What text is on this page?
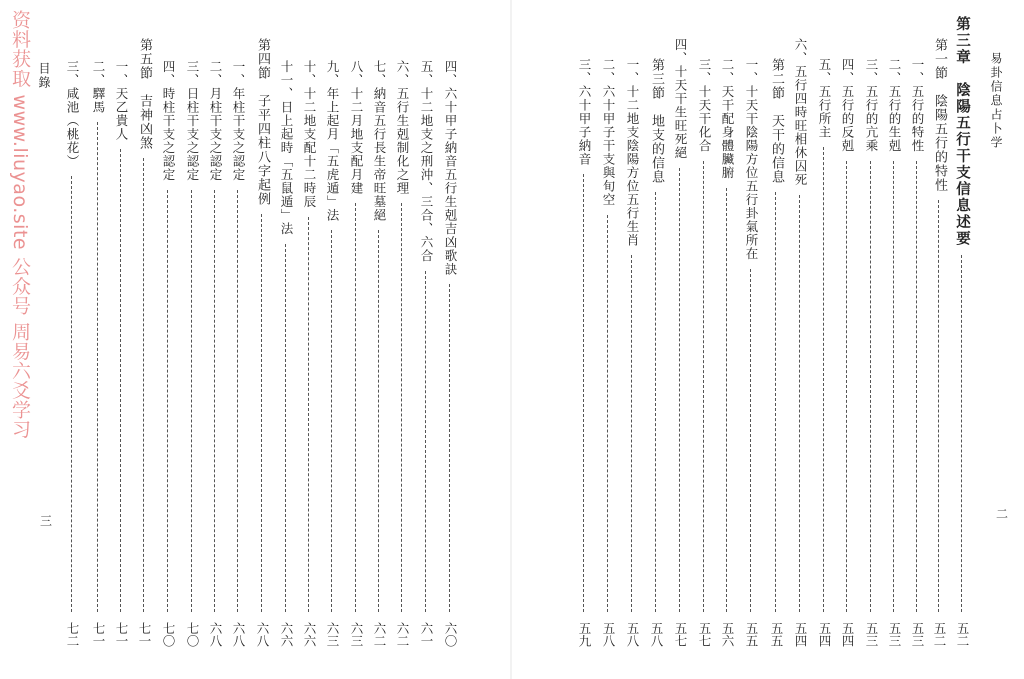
易卦信息占卜学
二
第三章　陰陽五行干支信息述要
五二
第一節　陰陽五行的特性
五二
一、五行的特性
五三
二、五行的生剋
五三
三、五行的亢乘
五三
四、五行的反剋
五四
五、五行所主
五四
六、五行四時旺相休囚死
五四
第二節　天干的信息
五五
一、十天干陰陽方位五行卦氣所在
五五
二、天干配身體臟腑
五六
三、十天干化合
五七
四、十天干生旺死絕
五七
第三節　地支的信息
五八
一、十二地支陰陽方位五行生肖
五八
二、六十甲子干支與旬空
五八
三、六十甲子納音
五九
资料获取 www.liuyao.site 公众号 周易六爻学习 目錄
三
四、六十甲子納音五行生剋吉凶歌訣
六〇
五、十二地支之刑沖、三合、六合
六一
六、五行生剋制化之理
六二
七、納音五行長生帝旺墓絕
六二
八、十二月地支配月建
六三
九、年上起月「五虎遁」法
六三
十、十二地支配十二時辰
六六
十一、日上起時「五鼠遁」法
六六
第四節　子平四柱八字起例
六八
一、年柱干支之認定
六八
二、月柱干支之認定
六八
三、日柱干支之認定
七〇
四、時柱干支之認定
七〇
第五節　吉神凶煞
七一
一、天乙貴人
七一
二、驛馬
七一
三、咸池（桃花）
七二
